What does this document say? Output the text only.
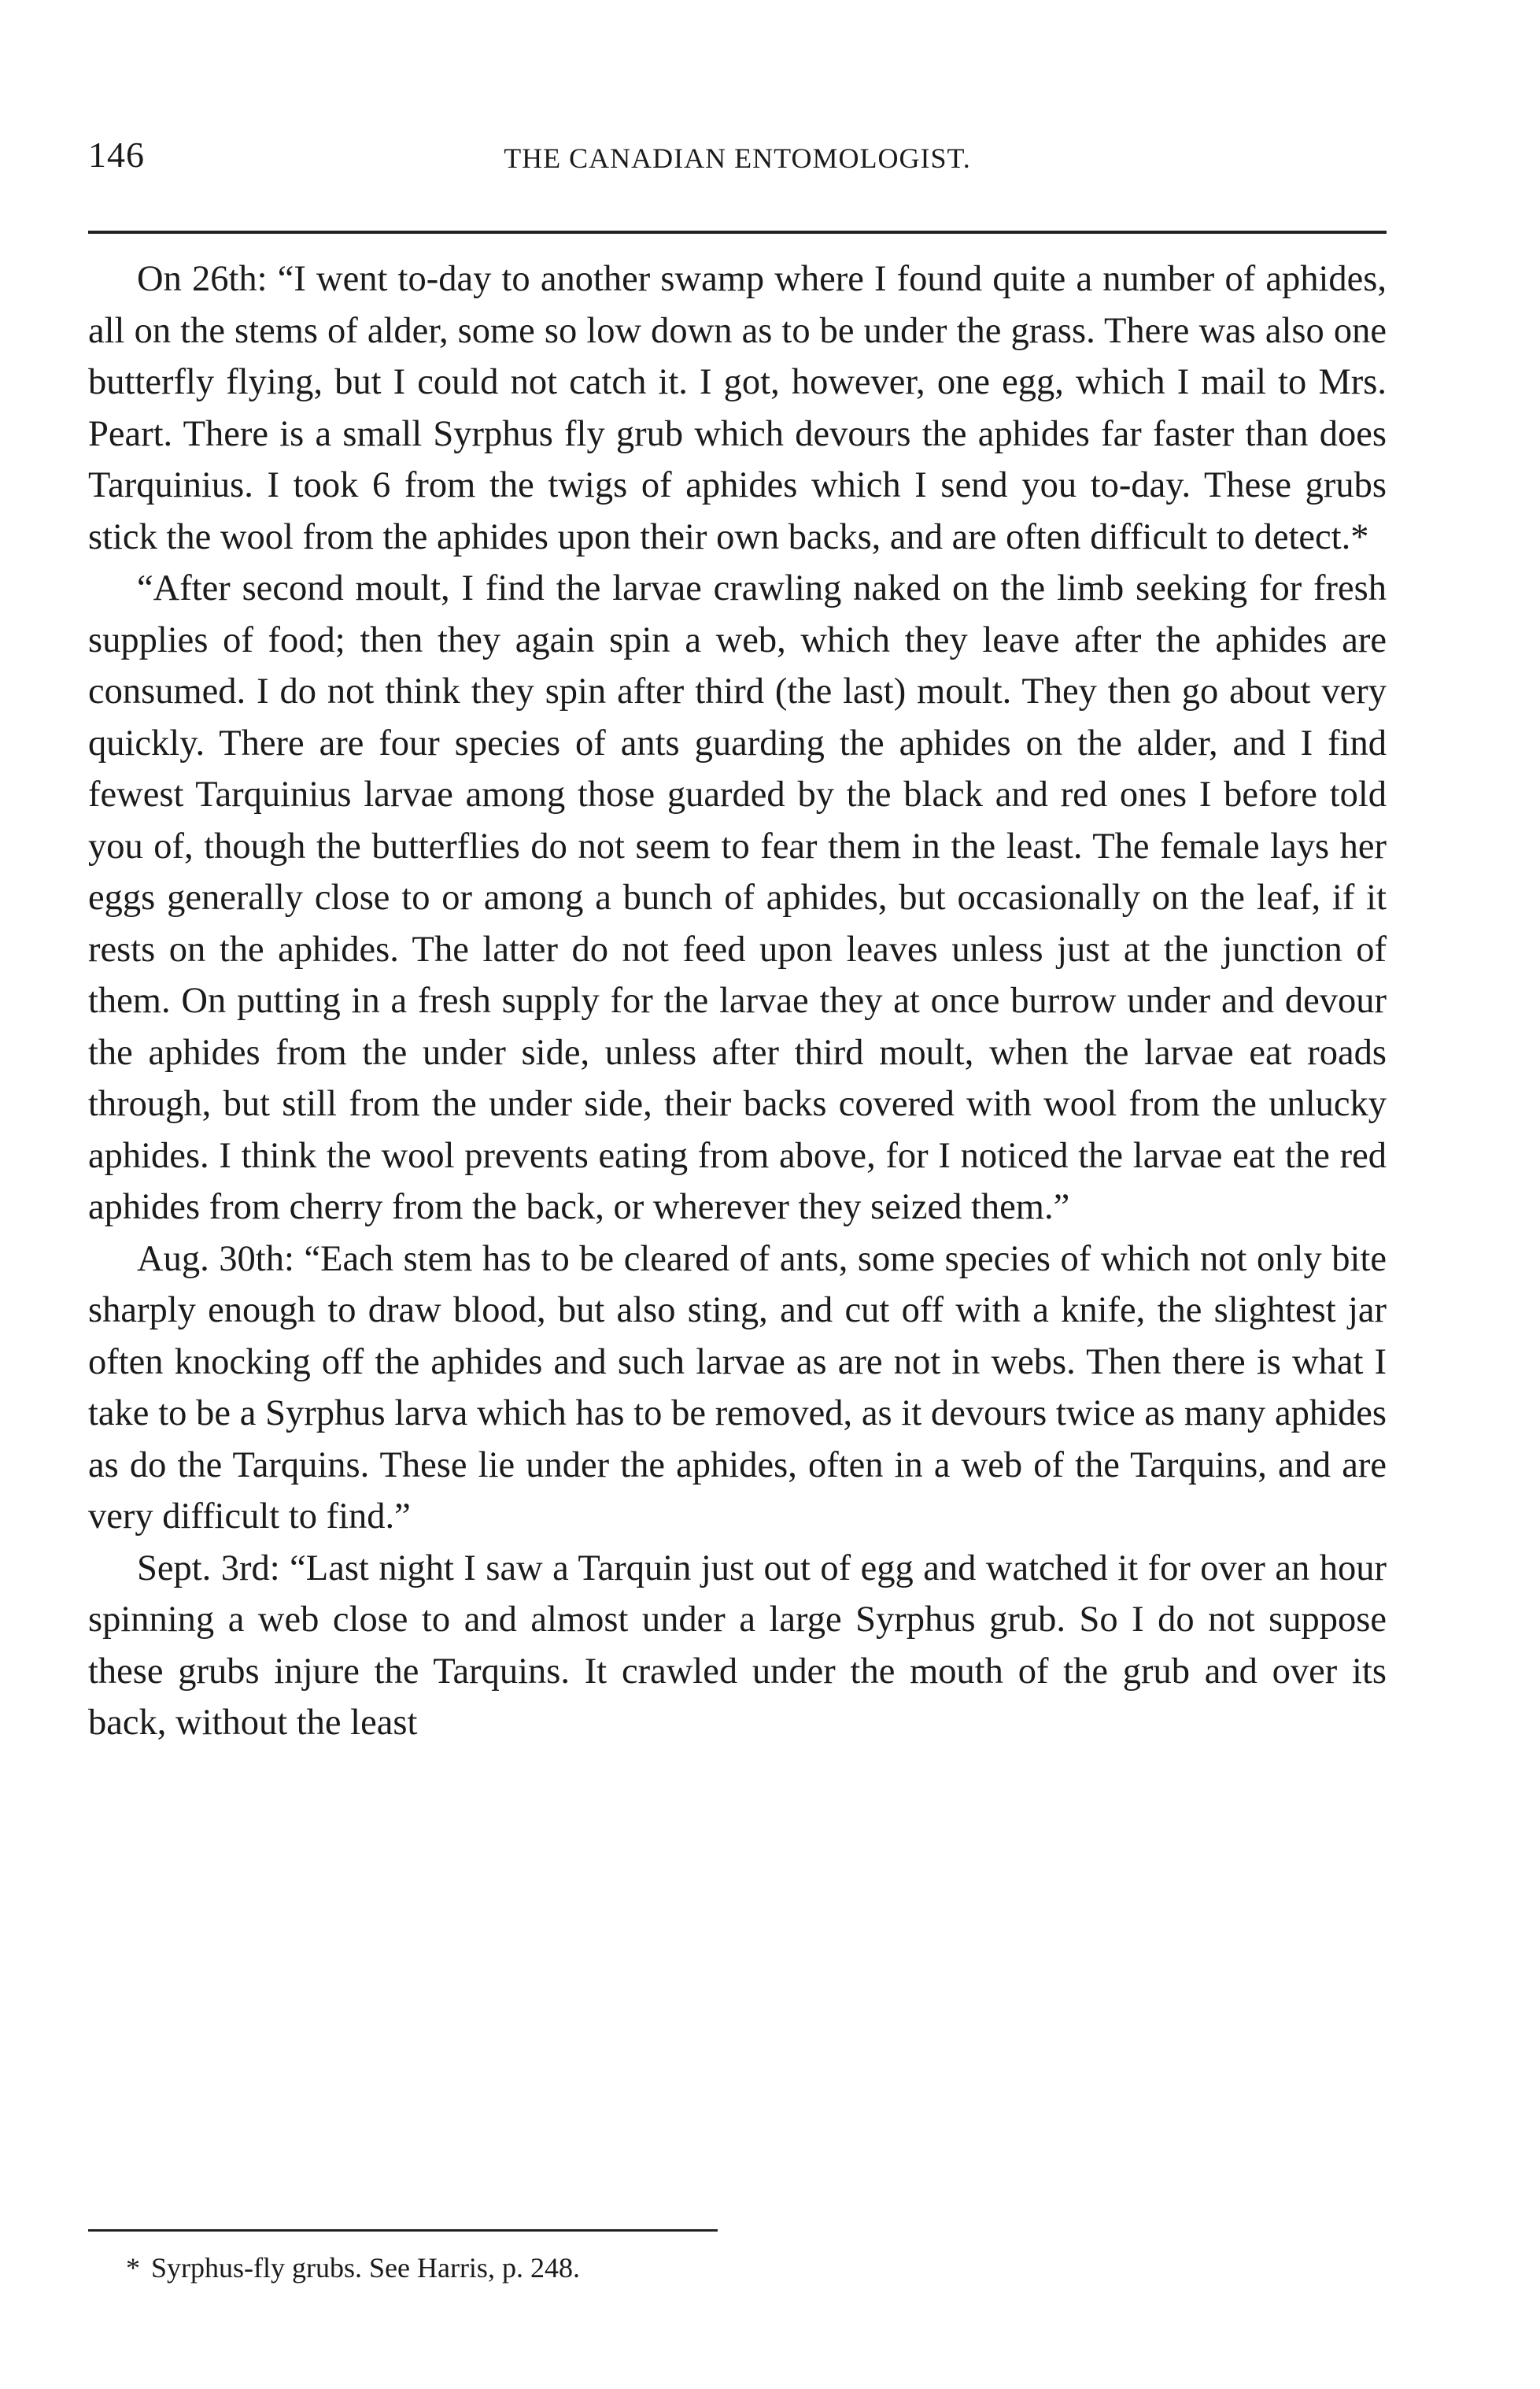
146	THE CANADIAN ENTOMOLOGIST.

On 26th: “I went to-day to another swamp where I found quite a number of aphides, all on the stems of alder, some so low down as to be under the grass. There was also one butterfly flying, but I could not catch it. I got, however, one egg, which I mail to Mrs. Peart. There is a small Syrphus fly grub which devours the aphides far faster than does Tarquinius. I took 6 from the twigs of aphides which I send you to-day. These grubs stick the wool from the aphides upon their own backs, and are often difficult to detect.*

“After second moult, I find the larvae crawling naked on the limb seeking for fresh supplies of food; then they again spin a web, which they leave after the aphides are consumed. I do not think they spin after third (the last) moult. They then go about very quickly. There are four species of ants guarding the aphides on the alder, and I find fewest Tarquinius larvae among those guarded by the black and red ones I before told you of, though the butterflies do not seem to fear them in the least. The female lays her eggs generally close to or among a bunch of aphides, but occasionally on the leaf, if it rests on the aphides. The latter do not feed upon leaves unless just at the junction of them. On putting in a fresh supply for the larvae they at once burrow under and devour the aphides from the under side, unless after third moult, when the larvae eat roads through, but still from the under side, their backs covered with wool from the unlucky aphides. I think the wool prevents eating from above, for I noticed the larvae eat the red aphides from cherry from the back, or wherever they seized them.”

Aug. 30th: “Each stem has to be cleared of ants, some species of which not only bite sharply enough to draw blood, but also sting, and cut off with a knife, the slightest jar often knocking off the aphides and such larvae as are not in webs. Then there is what I take to be a Syrphus larva which has to be removed, as it devours twice as many aphides as do the Tarquins. These lie under the aphides, often in a web of the Tarquins, and are very difficult to find.”

Sept. 3rd: “Last night I saw a Tarquin just out of egg and watched it for over an hour spinning a web close to and almost under a large Syrphus grub. So I do not suppose these grubs injure the Tarquins. It crawled under the mouth of the grub and over its back, without the least

* Syrphus-fly grubs. See Harris, p. 248.
